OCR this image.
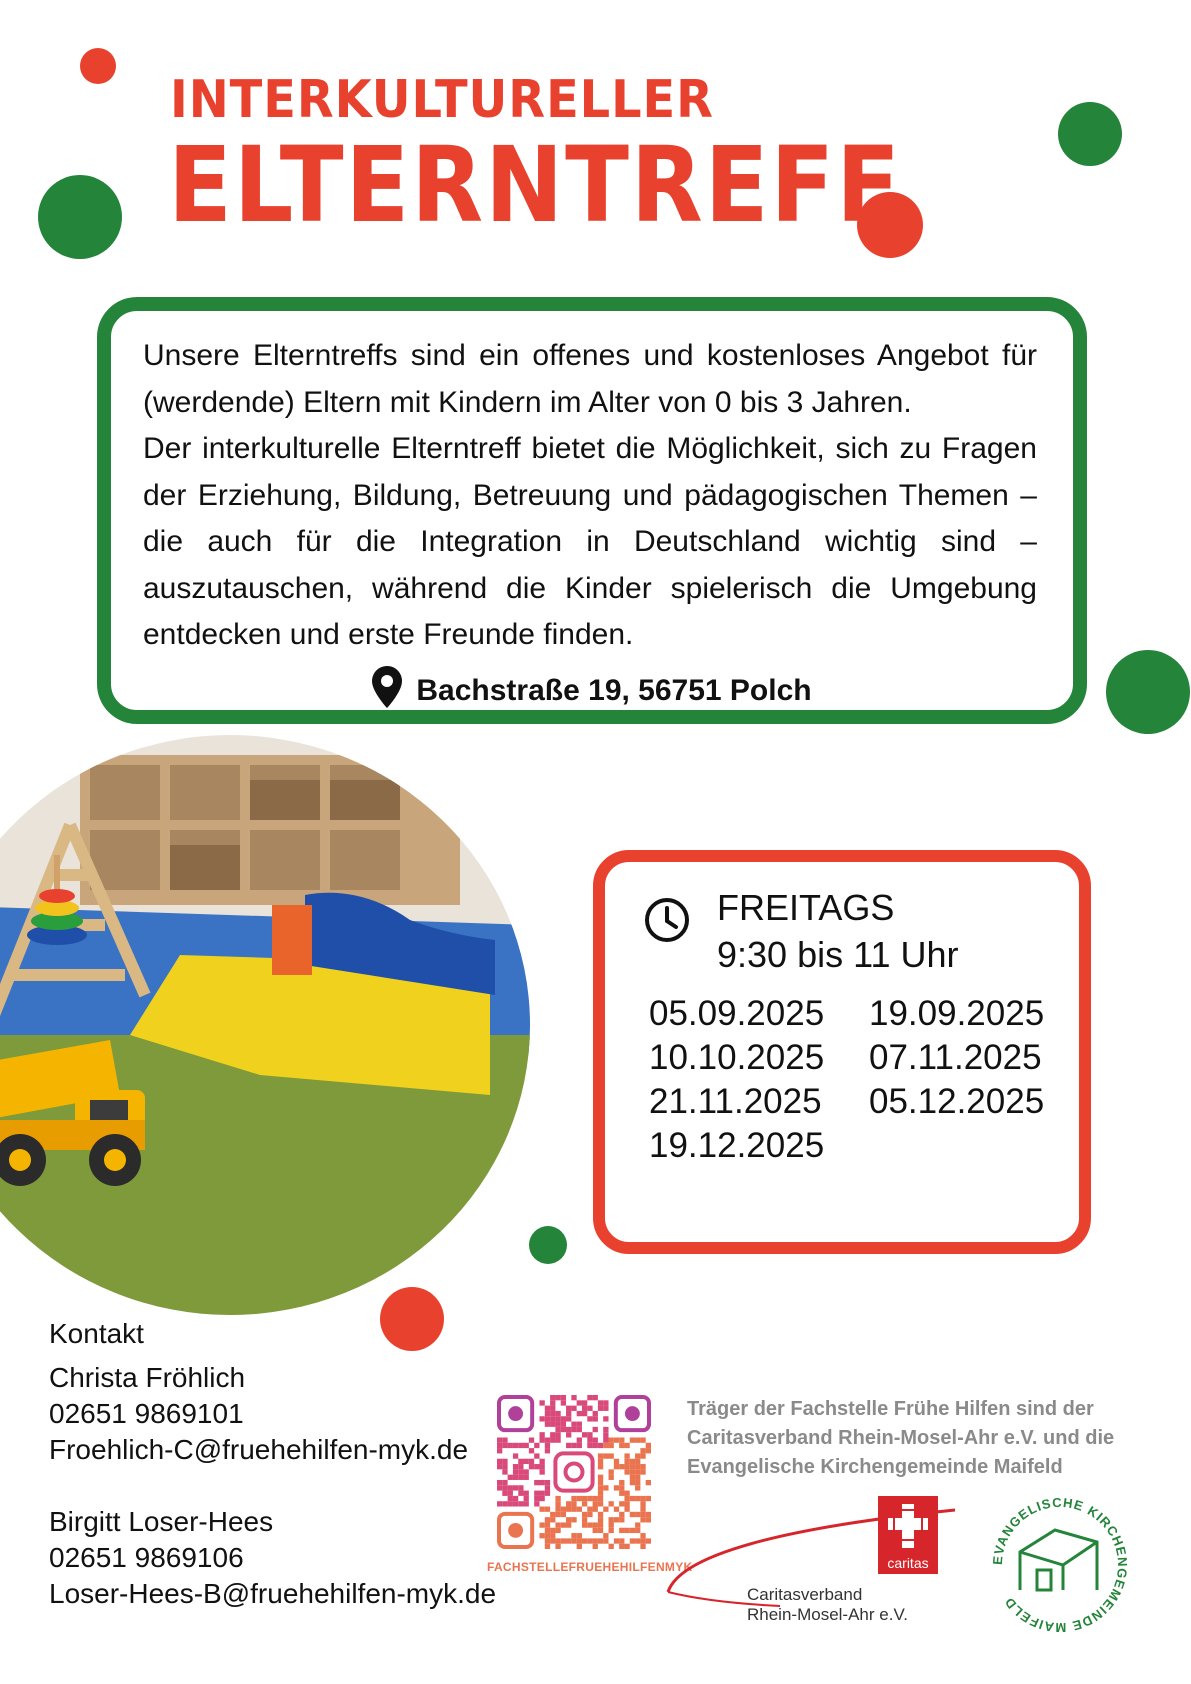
INTERKULTURELLER
ELTERNTREFF

Unsere Elterntreffs sind ein offenes und kostenloses Angebot für (werdende) Eltern mit Kindern im Alter von 0 bis 3 Jahren.

Der interkulturelle Elterntreff bietet die Möglichkeit, sich zu Fragen der Erziehung, Bildung, Betreuung und pädagogischen Themen – die auch für die Integration in Deutschland wichtig sind – auszutauschen, während die Kinder spielerisch die Umgebung entdecken und erste Freunde finden.

Bachstraße 19, 56751 Polch
FREITAGS
9:30 bis 11 Uhr
05.09.2025	19.09.2025
10.10.2025	07.11.2025
21.11.2025	05.12.2025
19.12.2025
Kontakt
Christa Fröhlich
02651 9869101
Froehlich-C@fruehehilfen-myk.de
Birgitt Loser-Hees
02651 9869106
Loser-Hees-B@fruehehilfen-myk.de
FACHSTELLEFRUEHEHILFENMYK
Träger der Fachstelle Frühe Hilfen sind der Caritasverband Rhein-Mosel-Ahr e.V. und die Evangelische Kirchengemeinde Maifeld
caritas
Caritasverband
Rhein-Mosel-Ahr e.V.
EVANGELISCHE KIRCHENGEMEINDE MAIFELD
